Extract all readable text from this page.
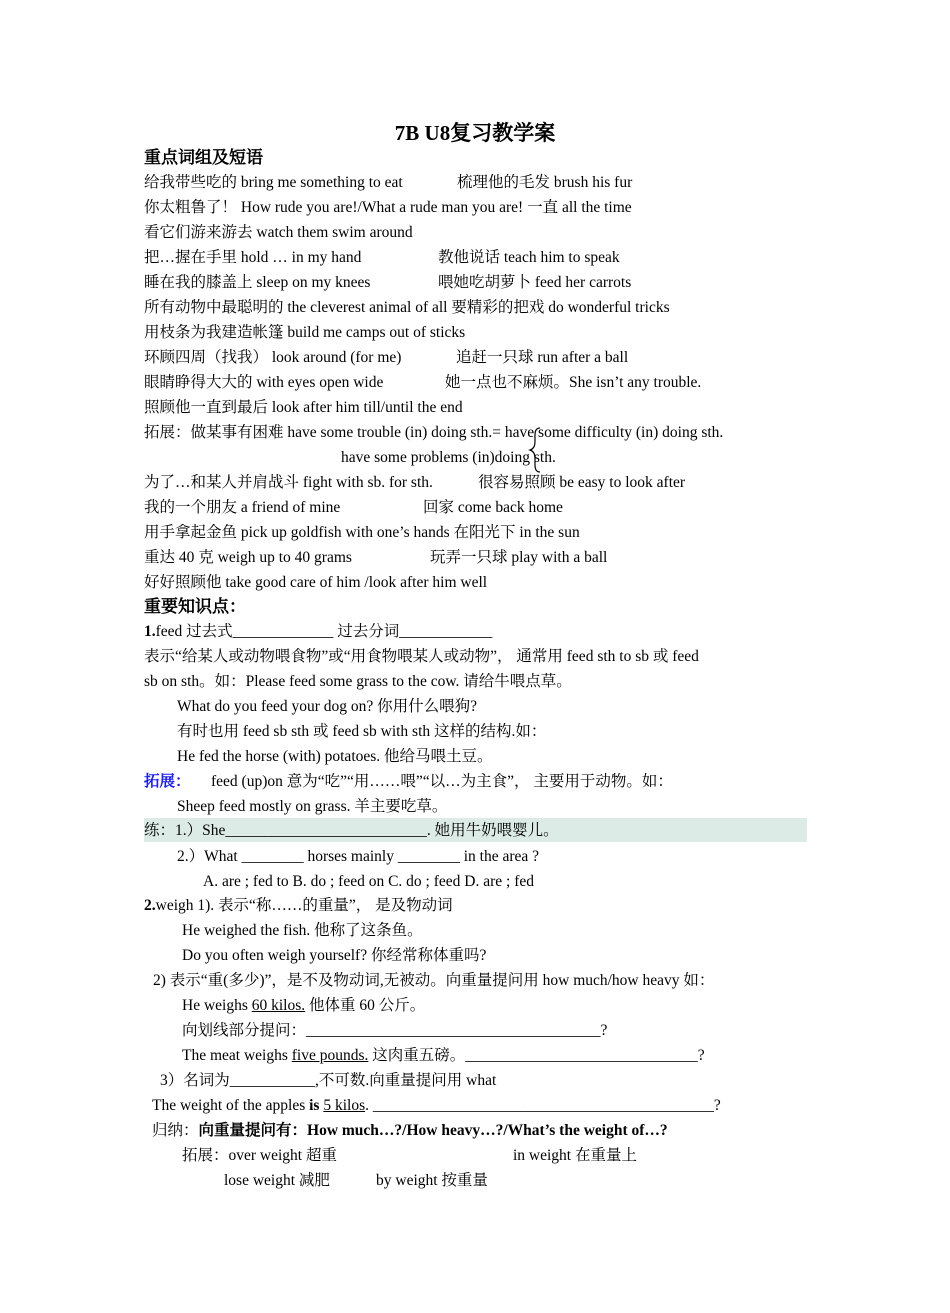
7B U8复习教学案
重点词组及短语
给我带些吃的 bring me something to eat	梳理他的毛发 brush his fur
你太粗鲁了！ How rude you are!/What a rude man you are! 一直 all the time
看它们游来游去 watch them swim around
把…握在手里 hold … in my hand	教他说话 teach him to speak
睡在我的膝盖上 sleep on my knees	喂她吃胡萝卜 feed her carrots
所有动物中最聪明的 the cleverest animal of all 要精彩的把戏 do wonderful tricks
用枝条为我建造帐篷 build me camps out of sticks
环顾四周（找我） look around (for me)	追赶一只球 run after a ball
眼睛睁得大大的 with eyes open wide	她一点也不麻烦。She isn’t any trouble.
照顾他一直到最后 look after him till/until the end
拓展：做某事有困难 have some trouble (in) doing sth.= have some difficulty (in) doing sth.
have some problems (in)doing sth.
为了…和某人并肩战斗 fight with sb. for sth.	很容易照顾 be easy to look after
我的一个朋友 a friend of mine	回家 come back home
用手拿起金鱼 pick up goldfish with one’s hands 在阳光下 in the sun
重达 40 克 weigh up to 40 grams	玩弄一只球 play with a ball
好好照顾他 take good care of him /look after him well
重要知识点：
1.feed 过去式_____________ 过去分词____________
表示“给某人或动物喂食物”或“用食物喂某人或动物”， 通常用 feed sth to sb 或 feed
sb on sth。如：Please feed some grass to the cow. 请给牛喂点草。
What do you feed your dog on? 你用什么喂狗?
有时也用 feed sb sth 或 feed sb with sth 这样的结构.如：
He fed the horse (with) potatoes. 他给马喂土豆。
拓展： feed (up)on 意为“吃”“用……喂”“以…为主食”， 主要用于动物。如：
Sheep feed mostly on grass. 羊主要吃草。
练：1.）She__________________________. 她用牛奶喂婴儿。
2.）What ________ horses mainly ________ in the area ?
A. are ; fed to B. do ; feed on C. do ; feed D. are ; fed
2.weigh 1). 表示“称……的重量”， 是及物动词
He weighed the fish. 他称了这条鱼。
Do you often weigh yourself? 你经常称体重吗?
2) 表示“重(多少)”，是不及物动词,无被动。向重量提问用 how much/how heavy 如：
He weighs 60 kilos. 他体重 60 公斤。
向划线部分提问：______________________________________?
The meat weighs five pounds. 这肉重五磅。______________________________?
3）名词为___________,不可数.向重量提问用 what
The weight of the apples is 5 kilos. ____________________________________________?
归纳：向重量提问有：How much…?/How heavy…?/What’s the weight of…?
拓展：over weight 超重	in weight 在重量上
lose weight 减肥	by weight 按重量
